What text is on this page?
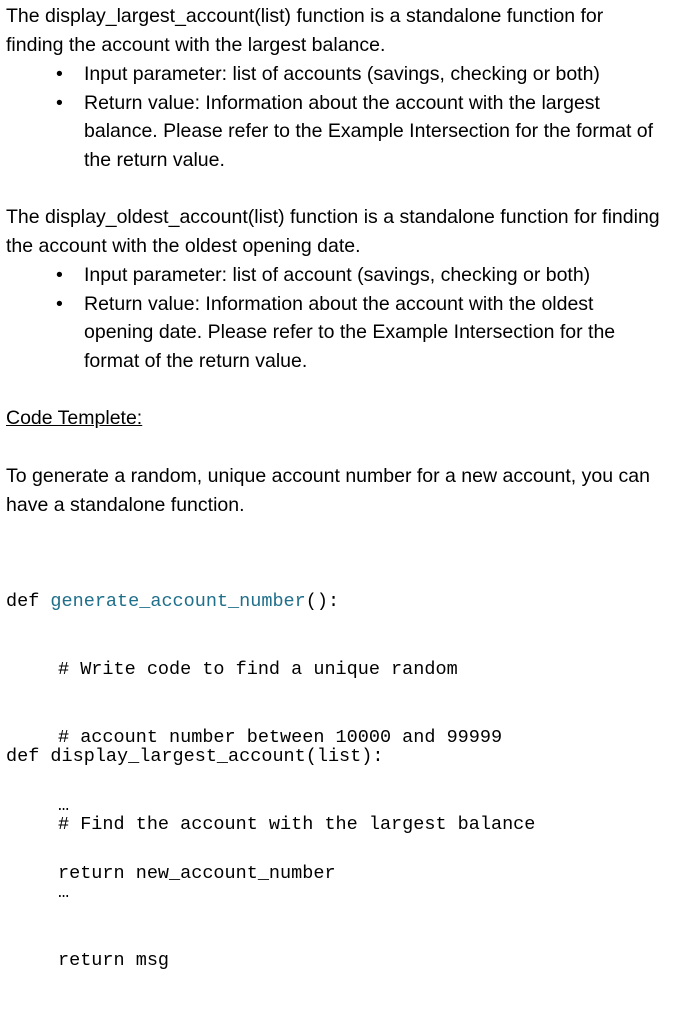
The display_largest_account(list) function is a standalone function for finding the account with the largest balance.

• Input parameter: list of accounts (savings, checking or both)
• Return value: Information about the account with the largest balance. Please refer to the Example Intersection for the format of the return value.

The display_oldest_account(list) function is a standalone function for finding the account with the oldest opening date.

• Input parameter: list of account (savings, checking or both)
• Return value: Information about the account with the oldest opening date. Please refer to the Example Intersection for the format of the return value.

Code Templete:

To generate a random, unique account number for a new account, you can have a standalone function.

def generate_account_number():

# Write code to find a unique random

# account number between 10000 and 99999

…

return new_account_number

def display_largest_account(list):

# Find the account with the largest balance

…

return msg
